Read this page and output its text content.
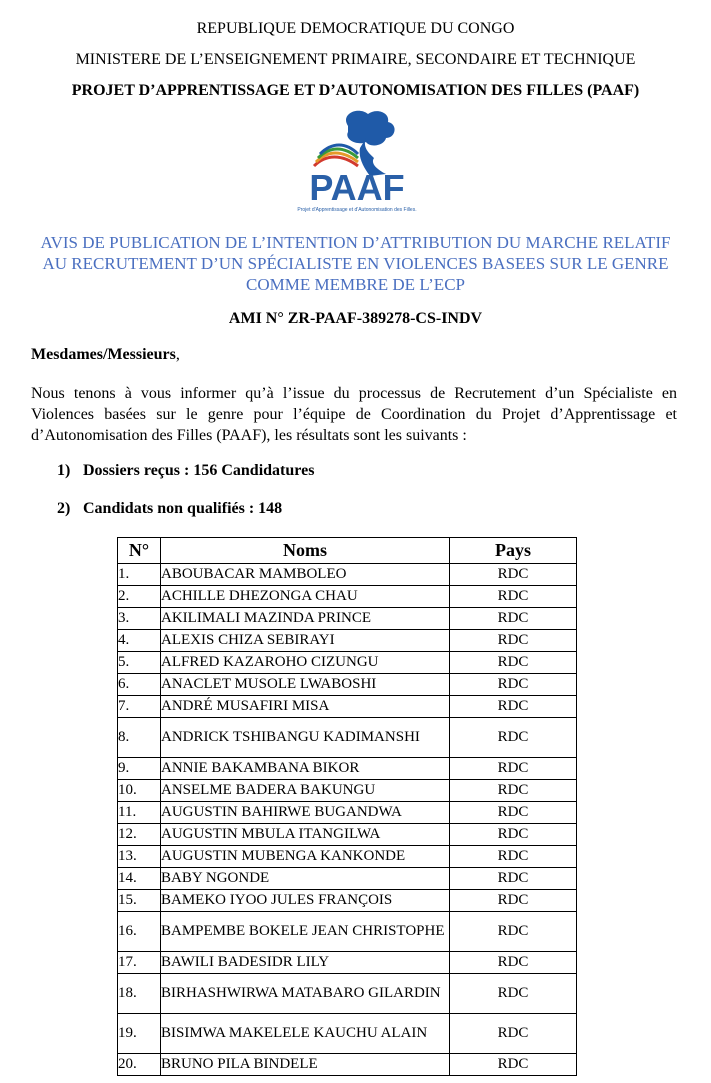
REPUBLIQUE DEMOCRATIQUE DU CONGO
MINISTERE DE L’ENSEIGNEMENT PRIMAIRE, SECONDAIRE ET TECHNIQUE
PROJET D’APPRENTISSAGE ET D’AUTONOMISATION DES FILLES (PAAF)
PAAF
Projet d'Apprentissage et d'Autonomisation des Filles.
AVIS DE PUBLICATION DE L’INTENTION D’ATTRIBUTION DU MARCHE RELATIF
AU RECRUTEMENT D’UN SPÉCIALISTE EN VIOLENCES BASEES SUR LE GENRE
COMME MEMBRE DE L’ECP
AMI N° ZR-PAAF-389278-CS-INDV
Mesdames/Messieurs,
Nous tenons à vous informer qu’à l’issue du processus de Recrutement d’un Spécialiste en Violences basées sur le genre pour l’équipe de Coordination du Projet d’Apprentissage et d’Autonomisation des Filles (PAAF), les résultats sont les suivants :
1) Dossiers reçus : 156 Candidatures
2) Candidats non qualifiés : 148
N°	Noms	Pays
1.	ABOUBACAR MAMBOLEO	RDC
2.	ACHILLE DHEZONGA CHAU	RDC
3.	AKILIMALI MAZINDA PRINCE	RDC
4.	ALEXIS CHIZA SEBIRAYI	RDC
5.	ALFRED KAZAROHO CIZUNGU	RDC
6.	ANACLET MUSOLE LWABOSHI	RDC
7.	ANDRÉ MUSAFIRI MISA	RDC
8.	ANDRICK TSHIBANGU KADIMANSHI	RDC
9.	ANNIE BAKAMBANA BIKOR	RDC
10.	ANSELME BADERA BAKUNGU	RDC
11.	AUGUSTIN BAHIRWE BUGANDWA	RDC
12.	AUGUSTIN MBULA ITANGILWA	RDC
13.	AUGUSTIN MUBENGA KANKONDE	RDC
14.	BABY NGONDE	RDC
15.	BAMEKO IYOO JULES FRANÇOIS	RDC
16.	BAMPEMBE BOKELE JEAN CHRISTOPHE	RDC
17.	BAWILI BADESIDR LILY	RDC
18.	BIRHASHWIRWA MATABARO GILARDIN	RDC
19.	BISIMWA MAKELELE KAUCHU ALAIN	RDC
20.	BRUNO PILA BINDELE	RDC
